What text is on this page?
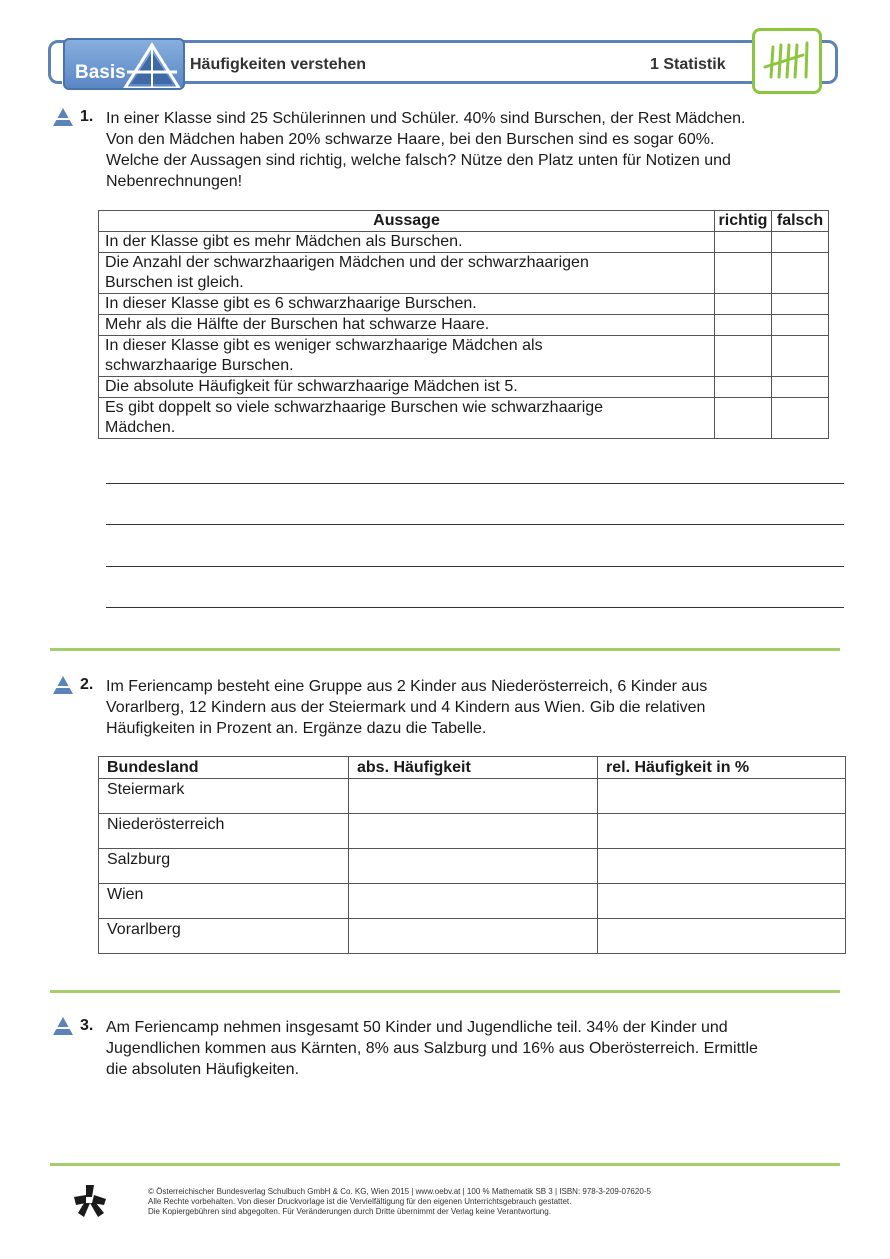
Basis	Häufigkeiten verstehen	1 Statistik
1. In einer Klasse sind 25 Schülerinnen und Schüler. 40% sind Burschen, der Rest Mädchen.
Von den Mädchen haben 20% schwarze Haare, bei den Burschen sind es sogar 60%.
Welche der Aussagen sind richtig, welche falsch? Nütze den Platz unten für Notizen und
Nebenrechnungen!
Aussage	richtig	falsch

In der Klasse gibt es mehr Mädchen als Burschen.		

Die Anzahl der schwarzhaarigen Mädchen und der schwarzhaarigen
Burschen ist gleich.		

In dieser Klasse gibt es 6 schwarzhaarige Burschen.		

Mehr als die Hälfte der Burschen hat schwarze Haare.		

In dieser Klasse gibt es weniger schwarzhaarige Mädchen als
schwarzhaarige Burschen.		

Die absolute Häufigkeit für schwarzhaarige Mädchen ist 5.		

Es gibt doppelt so viele schwarzhaarige Burschen wie schwarzhaarige
Mädchen.		

2. Im Feriencamp besteht eine Gruppe aus 2 Kinder aus Niederösterreich, 6 Kinder aus
Vorarlberg, 12 Kindern aus der Steiermark und 4 Kindern aus Wien. Gib die relativen
Häufigkeiten in Prozent an. Ergänze dazu die Tabelle.
Bundesland	abs. Häufigkeit	rel. Häufigkeit in %
Steiermark		
Niederösterreich		
Salzburg		
Wien		
Vorarlberg		
3. Am Feriencamp nehmen insgesamt 50 Kinder und Jugendliche teil. 34% der Kinder und
Jugendlichen kommen aus Kärnten, 8% aus Salzburg und 16% aus Oberösterreich. Ermittle
die absoluten Häufigkeiten.
© Österreichischer Bundesverlag Schulbuch GmbH & Co. KG, Wien 2015 | www.oebv.at | 100 % Mathematik SB 3 | ISBN: 978-3-209-07620-5
Alle Rechte vorbehalten. Von dieser Druckvorlage ist die Vervielfältigung für den eigenen Unterrichtsgebrauch gestattet.
Die Kopiergebühren sind abgegolten. Für Veränderungen durch Dritte übernimmt der Verlag keine Verantwortung.
